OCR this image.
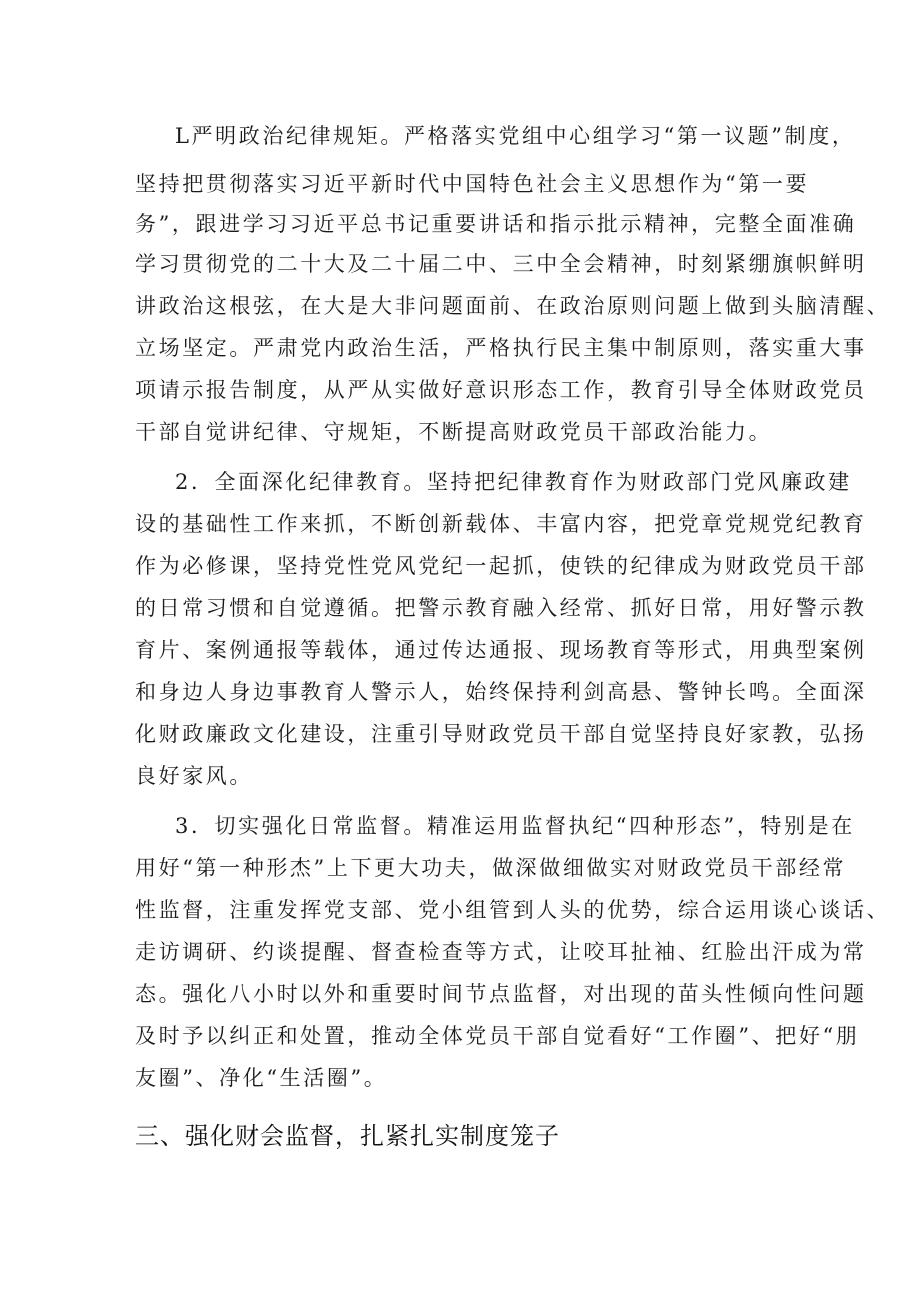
L严明政治纪律规矩。严格落实党组中心组学习“第一议题”制度，
坚持把贯彻落实习近平新时代中国特色社会主义思想作为“第一要
务”，跟进学习习近平总书记重要讲话和指示批示精神，完整全面准确
学习贯彻党的二十大及二十届二中、三中全会精神，时刻紧绷旗帜鲜明
讲政治这根弦，在大是大非问题面前、在政治原则问题上做到头脑清醒、
立场坚定。严肃党内政治生活，严格执行民主集中制原则，落实重大事
项请示报告制度，从严从实做好意识形态工作，教育引导全体财政党员
干部自觉讲纪律、守规矩，不断提高财政党员干部政治能力。
2．全面深化纪律教育。坚持把纪律教育作为财政部门党风廉政建
设的基础性工作来抓，不断创新载体、丰富内容，把党章党规党纪教育
作为必修课，坚持党性党风党纪一起抓，使铁的纪律成为财政党员干部
的日常习惯和自觉遵循。把警示教育融入经常、抓好日常，用好警示教
育片、案例通报等载体，通过传达通报、现场教育等形式，用典型案例
和身边人身边事教育人警示人，始终保持利剑高悬、警钟长鸣。全面深
化财政廉政文化建设，注重引导财政党员干部自觉坚持良好家教，弘扬
良好家风。
3．切实强化日常监督。精准运用监督执纪“四种形态”，特别是在
用好“第一种形杰”上下更大功夫，做深做细做实对财政党员干部经常
性监督，注重发挥党支部、党小组管到人头的优势，综合运用谈心谈话、
走访调研、约谈提醒、督查检查等方式，让咬耳扯袖、红脸出汗成为常
态。强化八小时以外和重要时间节点监督，对出现的苗头性倾向性问题
及时予以纠正和处置，推动全体党员干部自觉看好“工作圈”、把好“朋
友圈”、净化“生活圈”。
三、强化财会监督，扎紧扎实制度笼子
